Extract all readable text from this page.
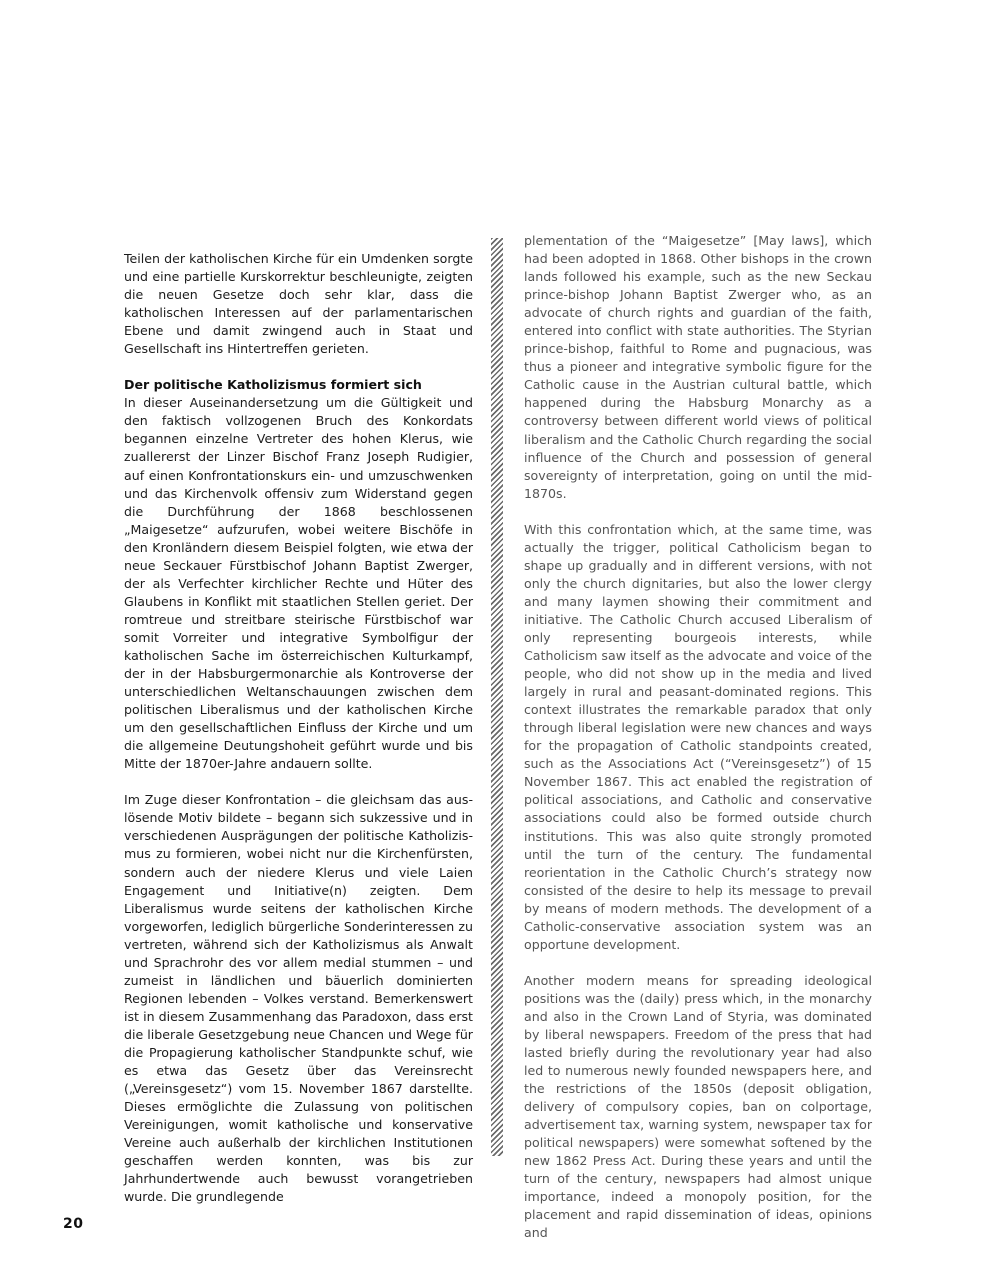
Teilen der katholischen Kirche für ein Umdenken sorgte und eine partielle Kurskorrektur beschleunigte, zeigten die neuen Gesetze doch sehr klar, dass die katholischen Interessen auf der parlamentarischen Ebene und damit zwingend auch in Staat und Gesellschaft ins Hintertreffen gerieten.

Der politische Katholizismus formiert sich

In dieser Auseinandersetzung um die Gültigkeit und den faktisch vollzogenen Bruch des Konkordats begannen einzelne Vertreter des hohen Klerus, wie zuallererst der Linzer Bischof Franz Joseph Rudigier, auf einen Konfrontationskurs ein- und umzuschwenken und das Kirchenvolk offensiv zum Widerstand gegen die Durchführung der 1868 beschlossenen „Maigesetze“ aufzurufen, wobei weitere Bischöfe in den Kronländern diesem Beispiel folgten, wie etwa der neue Seckauer Fürstbischof Johann Baptist Zwerger, der als Verfechter kirchlicher Rechte und Hüter des Glaubens in Konflikt mit staatlichen Stellen geriet. Der romtreue und streitbare steirische Fürstbischof war somit Vorreiter und integrative Symbolfigur der katholischen Sache im österreichischen Kulturkampf, der in der Habsburgermonarchie als Kontroverse der unterschiedlichen Weltanschauungen zwischen dem politischen Liberalismus und der katholischen Kirche um den gesellschaftlichen Einfluss der Kirche und um die allgemeine Deutungshoheit geführt wurde und bis Mitte der 1870er-Jahre andauern sollte.

Im Zuge dieser Konfrontation – die gleichsam das auslösende Motiv bildete – begann sich sukzessive und in verschiedenen Ausprägungen der politische Katholizismus zu formieren, wobei nicht nur die Kirchenfürsten, sondern auch der niedere Klerus und viele Laien Engagement und Initiative(n) zeigten. Dem Liberalismus wurde seitens der katholischen Kirche vorgeworfen, lediglich bürgerliche Sonderinteressen zu vertreten, während sich der Katholizismus als Anwalt und Sprachrohr des vor allem medial stummen – und zumeist in ländlichen und bäuerlich dominierten Regionen lebenden – Volkes verstand. Bemerkenswert ist in diesem Zusammenhang das Paradoxon, dass erst die liberale Gesetzgebung neue Chancen und Wege für die Propagierung katholischer Standpunkte schuf, wie es etwa das Gesetz über das Vereinsrecht („Vereinsgesetz“) vom 15. November 1867 darstellte. Dieses ermöglichte die Zulassung von politischen Vereinigungen, womit katholische und konservative Vereine auch außerhalb der kirchlichen Institutionen geschaffen werden konnten, was bis zur Jahrhundertwende auch bewusst vorangetrieben wurde. Die grundlegende

plementation of the “Maigesetze” [May laws], which had been adopted in 1868. Other bishops in the crown lands followed his example, such as the new Seckau prince-bishop Johann Baptist Zwerger who, as an advocate of church rights and guardian of the faith, entered into conflict with state authorities. The Styrian prince-bishop, faithful to Rome and pugnacious, was thus a pioneer and integrative symbolic figure for the Catholic cause in the Austrian cultural battle, which happened during the Habsburg Monarchy as a controversy between different world views of political liberalism and the Catholic Church regarding the social influence of the Church and possession of general sovereignty of interpretation, going on until the mid-1870s.

With this confrontation which, at the same time, was actually the trigger, political Catholicism began to shape up gradually and in different versions, with not only the church dignitaries, but also the lower clergy and many laymen showing their commitment and initiative. The Catholic Church accused Liberalism of only representing bourgeois interests, while Catholicism saw itself as the advocate and voice of the people, who did not show up in the media and lived largely in rural and peasant-dominated regions. This context illustrates the remarkable paradox that only through liberal legislation were new chances and ways for the propagation of Catholic standpoints created, such as the Associations Act (“Vereinsgesetz”) of 15 November 1867. This act enabled the registration of political associations, and Catholic and conservative associations could also be formed outside church institutions. This was also quite strongly promoted until the turn of the century. The fundamental reorientation in the Catholic Church’s strategy now consisted of the desire to help its message to prevail by means of modern methods. The development of a Catholic-conservative association system was an opportune development.

Another modern means for spreading ideological positions was the (daily) press which, in the monarchy and also in the Crown Land of Styria, was dominated by liberal newspapers. Freedom of the press that had lasted briefly during the revolutionary year had also led to numerous newly founded newspapers here, and the restrictions of the 1850s (deposit obligation, delivery of compulsory copies, ban on colportage, advertisement tax, warning system, newspaper tax for political newspapers) were somewhat softened by the new 1862 Press Act. During these years and until the turn of the century, newspapers had almost unique importance, indeed a monopoly position, for the placement and rapid dissemination of ideas, opinions and

20
